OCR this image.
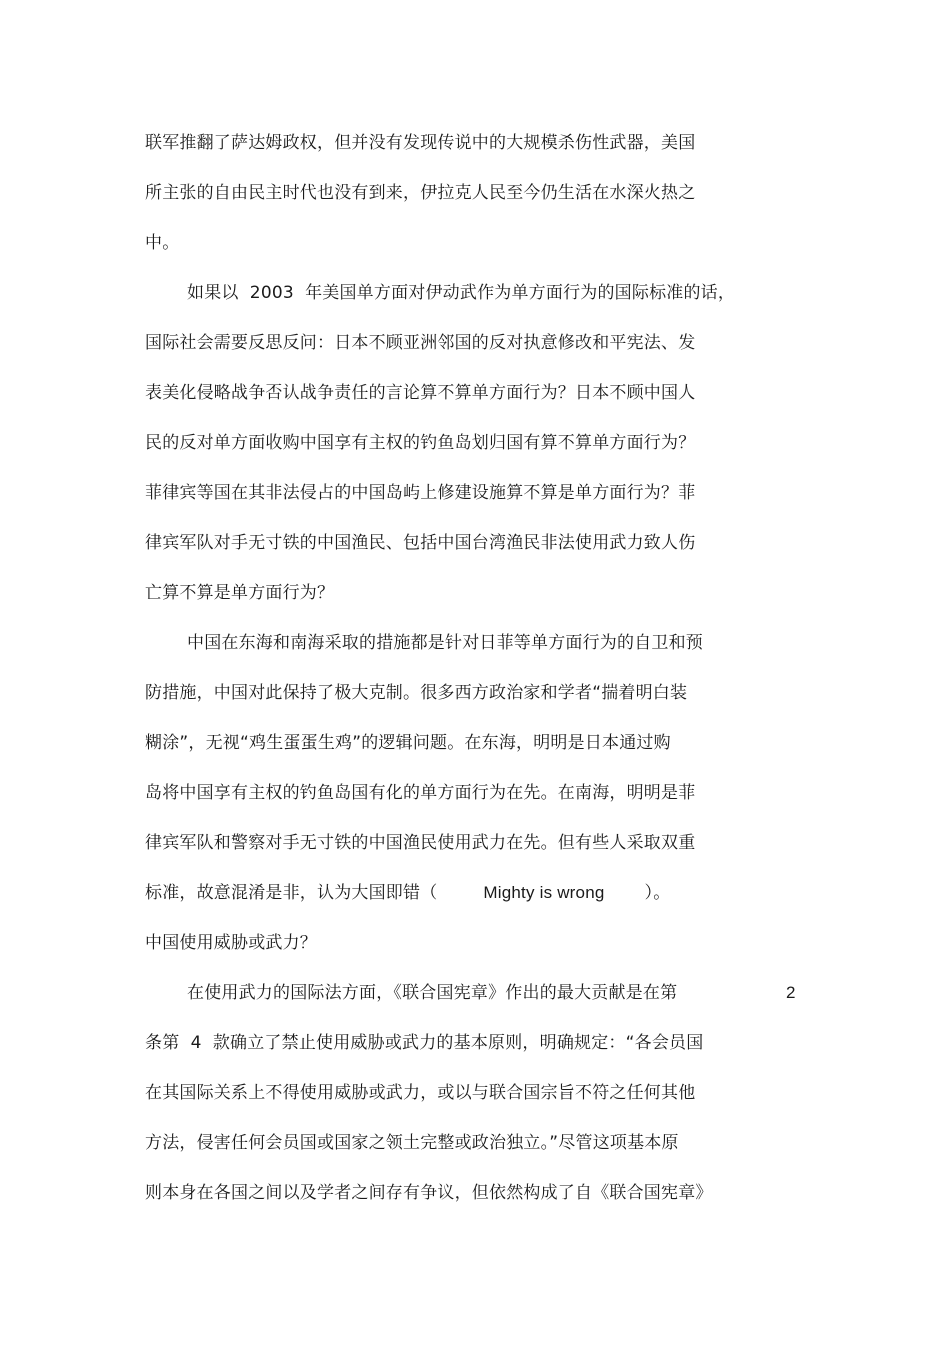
联军推翻了萨达姆政权，但并没有发现传说中的大规模杀伤性武器，美国
所主张的自由民主时代也没有到来，伊拉克人民至今仍生活在水深火热之
中。
如果以  2003  年美国单方面对伊动武作为单方面行为的国际标准的话，
国际社会需要反思反问：日本不顾亚洲邻国的反对执意修改和平宪法、发
表美化侵略战争否认战争责任的言论算不算单方面行为？日本不顾中国人
民的反对单方面收购中国享有主权的钓鱼岛划归国有算不算单方面行为？
菲律宾等国在其非法侵占的中国岛屿上修建设施算不算是单方面行为？菲
律宾军队对手无寸铁的中国渔民、包括中国台湾渔民非法使用武力致人伤
亡算不算是单方面行为？
中国在东海和南海采取的措施都是针对日菲等单方面行为的自卫和预
防措施，中国对此保持了极大克制。很多西方政治家和学者“揣着明白装
糊涂”，无视“鸡生蛋蛋生鸡”的逻辑问题。在东海，明明是日本通过购
岛将中国享有主权的钓鱼岛国有化的单方面行为在先。在南海，明明是菲
律宾军队和警察对手无寸铁的中国渔民使用武力在先。但有些人采取双重
标准，故意混淆是非，认为大国即错（	Mighty is wrong ）。
中国使用威胁或武力？
在使用武力的国际法方面，《联合国宪章》作出的最大贡献是在第	2
条第  4  款确立了禁止使用威胁或武力的基本原则，明确规定：“各会员国
在其国际关系上不得使用威胁或武力，或以与联合国宗旨不符之任何其他
方法，侵害任何会员国或国家之领土完整或政治独立。”尽管这项基本原
则本身在各国之间以及学者之间存有争议，但依然构成了自《联合国宪章》
